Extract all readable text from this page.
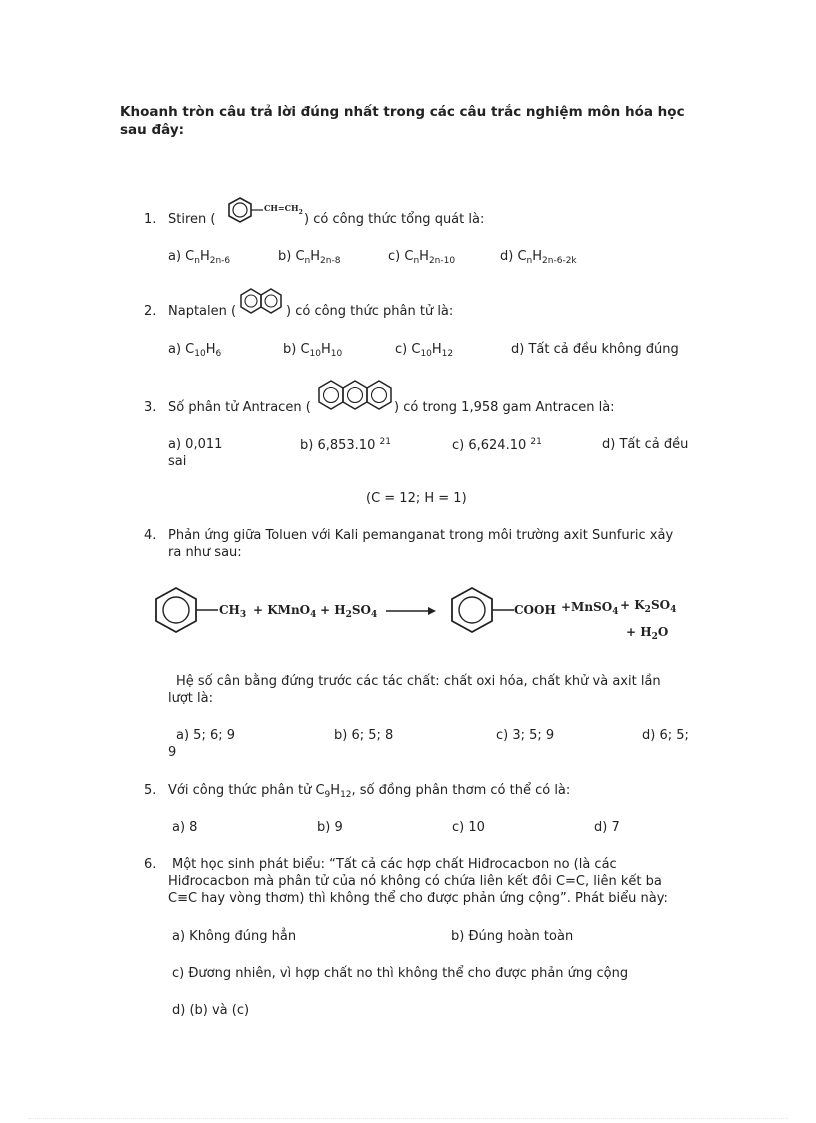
Khoanh tròn câu trả lời đúng nhất trong các câu trắc nghiệm môn hóa học sau đây:
1. Stiren (
$CH=CH_2$ ) có công thức tổng quát là:
a) $C_nH_{2n-6}$	b) $C_nH_{2n-8}$	c) $C_nH_{2n-10}$	d) $C_nH_{2n-6-2k}$
2. Naptalen (	) có công thức phân tử là:
a) $C_{10}H_6$	b) $C_{10}H_{10}$	c) $C_{10}H_{12}$	d) Tất cả đều không đúng
3. Số phân tử Antracen (	) có trong 1,958 gam Antracen là:
a) 0,011	b) 6,853.10 $^{21}$	c) 6,624.10 $^{21}$	d) Tất cả đều
sai
(C = 12; H = 1)
4. Phản ứng giữa Toluen với Kali pemanganat trong môi trường axit Sunfuric xảy
ra như sau:
$CH_3$ + KMnO$_4$ + $H_2SO_4$ →	COOH +MnSO$_4$ + $K_2SO_4$
+ $H_2O$
Hệ số cân bằng đứng trước các tác chất: chất oxi hóa, chất khử và axit lần
lượt là:
a) 5; 6; 9	b) 6; 5; 8	c) 3; 5; 9	d) 6; 5;
9
5. Với công thức phân tử $C_9H_{12}$, số đồng phân thơm có thể có là:
a) 8	b) 9	c) 10	d) 7
6. Một học sinh phát biểu: “Tất cả các hợp chất Hiđrocacbon no (là các
Hiđrocacbon mà phân tử của nó không có chứa liên kết đôi C=C, liên kết ba
C≡C hay vòng thơm) thì không thể cho được phản ứng cộng”. Phát biểu này:
a) Không đúng hẳn	b) Đúng hoàn toàn
c) Đương nhiên, vì hợp chất no thì không thể cho được phản ứng cộng
d) (b) và (c)
